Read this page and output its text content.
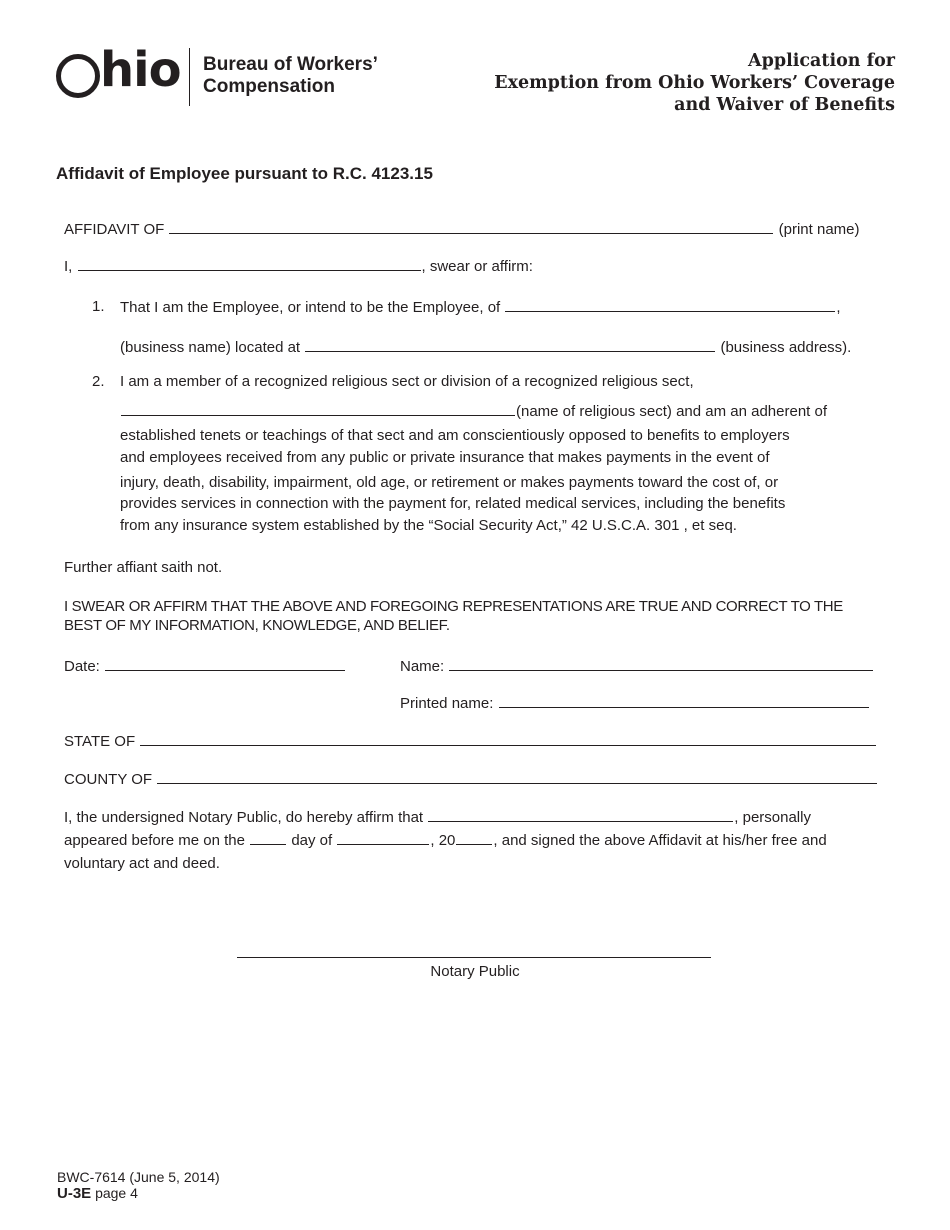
hio Bureau of Workers’
Compensation
Application for
Exemption from Ohio Workers’ Coverage
and Waiver of Benefits
Affidavit of Employee pursuant to R.C. 4123.15
AFFIDAVIT OF	(print name)
I,	, swear or affirm:
1. That I am the Employee, or intend to be the Employee, of	,
(business name) located at	(business address).
2. I am a member of a recognized religious sect or division of a recognized religious sect,
(name of religious sect) and am an adherent of
established tenets or teachings of that sect and am conscientiously opposed to benefits to employers
and employees received from any public or private insurance that makes payments in the event of
injury, death, disability, impairment, old age, or retirement or makes payments toward the cost of, or
provides services in connection with the payment for, related medical services, including the benefits
from any insurance system established by the “Social Security Act,” 42 U.S.C.A. 301 , et seq.
Further affiant saith not.
I SWEAR OR AFFIRM THAT THE ABOVE AND FOREGOING REPRESENTATIONS ARE TRUE AND CORRECT TO THE
BEST OF MY INFORMATION, KNOWLEDGE, AND BELIEF.
Date:	Name:
Printed name:
STATE OF
COUNTY OF
I, the undersigned Notary Public, do hereby affirm that	, personally
appeared before me on the	day of	, 20	, and signed the above Affidavit at his/her free and
voluntary act and deed.
Notary Public
BWC-7614 (June 5, 2014)
U-3E page 4
